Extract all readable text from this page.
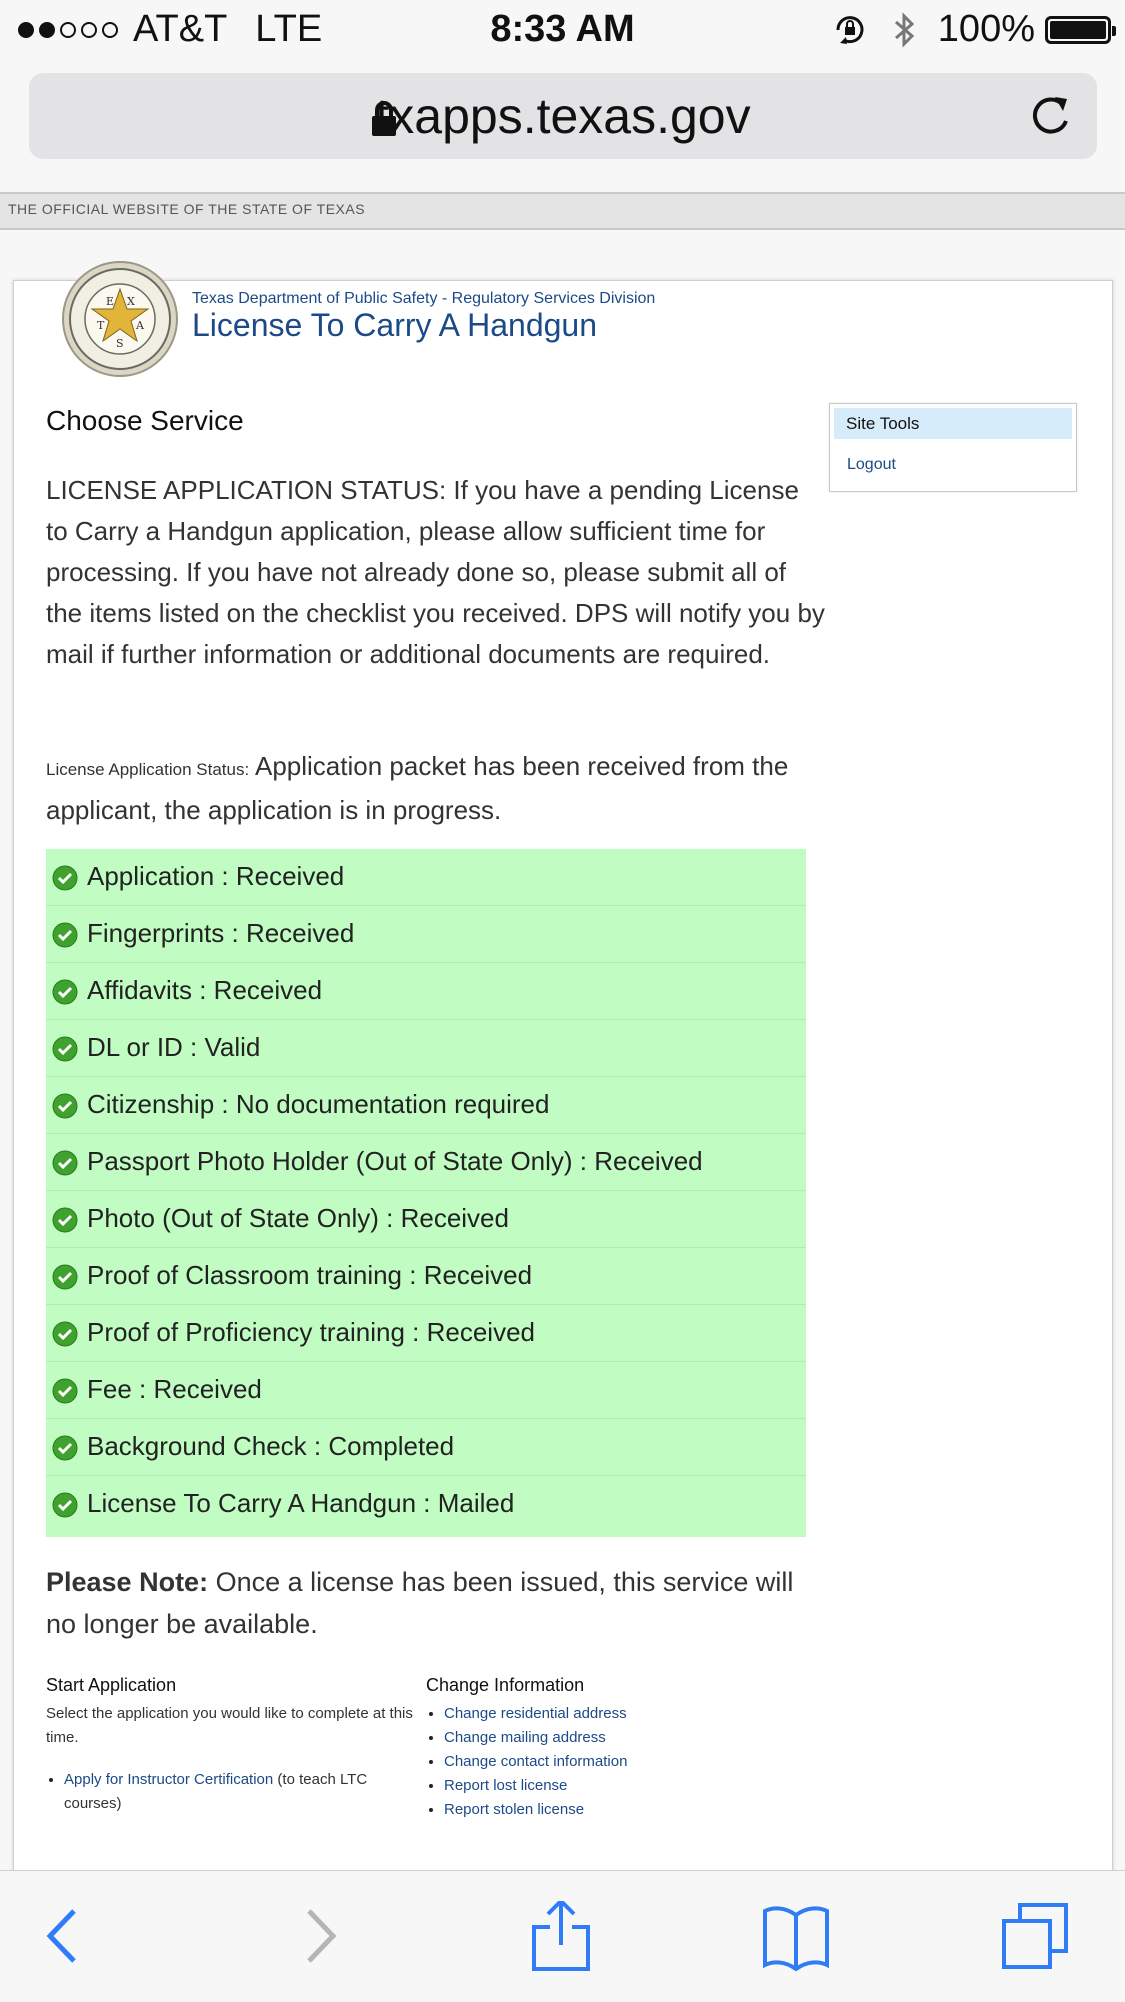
AT&T LTE	8:33 AM	100%
txapps.texas.gov
THE OFFICIAL WEBSITE OF THE STATE OF TEXAS
E X
T	A
S
Texas Department of Public Safety - Regulatory Services Division
License To Carry A Handgun
Choose Service
LICENSE APPLICATION STATUS: If you have a pending License to Carry a Handgun application, please allow sufficient time for processing. If you have not already done so, please submit all of the items listed on the checklist you received. DPS will notify you by mail if further information or additional documents are required.
License Application Status: Application packet has been received from the applicant, the application is in progress.
Application : Received
Fingerprints : Received
Affidavits : Received
DL or ID : Valid
Citizenship : No documentation required
Passport Photo Holder (Out of State Only) : Received
Photo (Out of State Only) : Received
Proof of Classroom training : Received
Proof of Proficiency training : Received
Fee : Received
Background Check : Completed
License To Carry A Handgun : Mailed
Please Note: Once a license has been issued, this service will no longer be available.
Start Application
Select the application you would like to complete at this time.
• Apply for Instructor Certification (to teach LTC courses)
Change Information
• Change residential address
• Change mailing address
• Change contact information
• Report lost license
• Report stolen license
Site Tools
Logout
